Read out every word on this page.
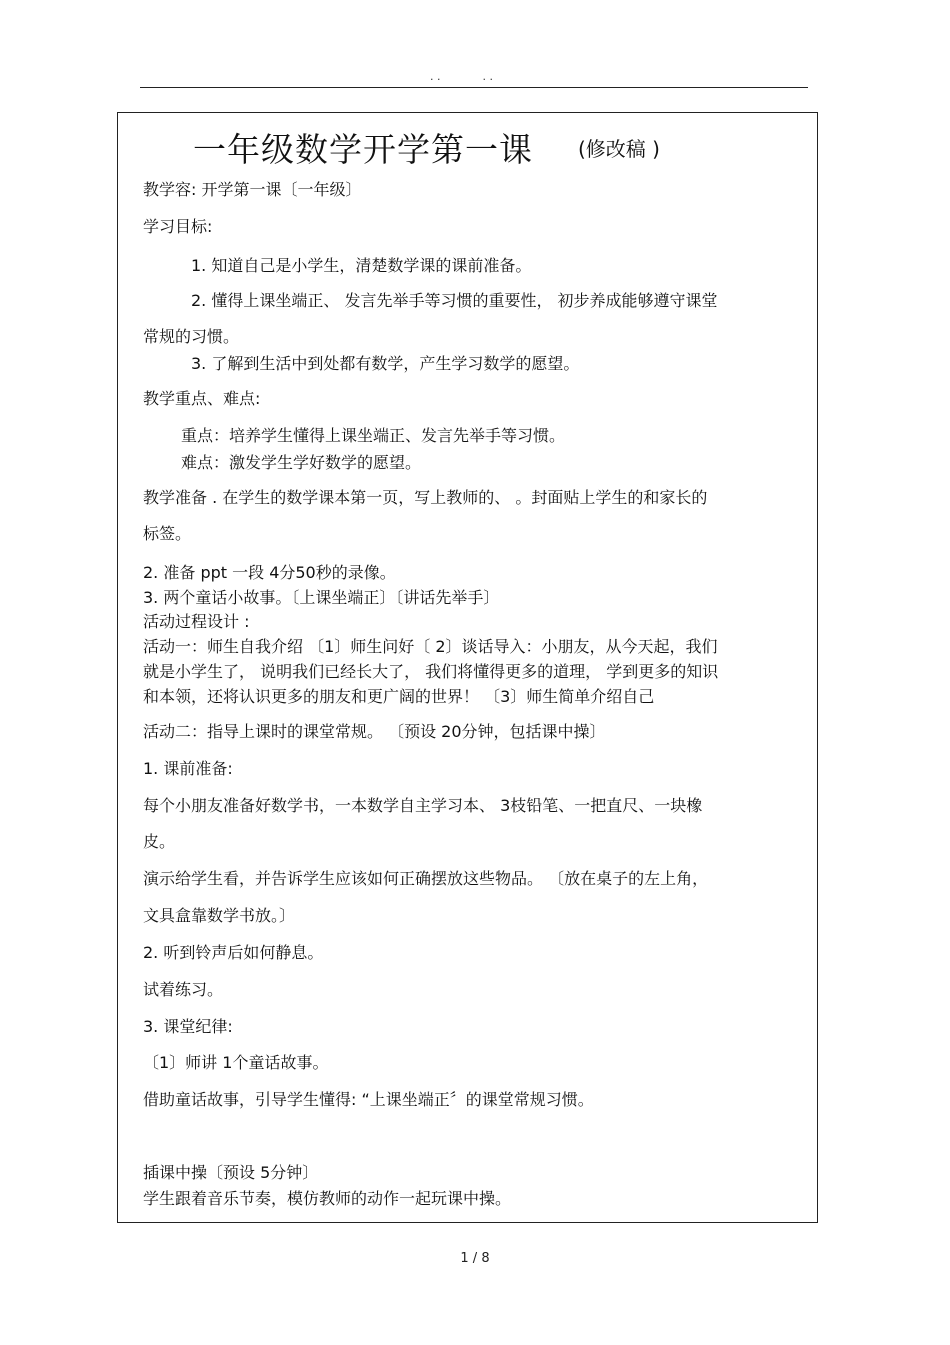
. .            . .
一年级数学开学第一课 (修改稿 )
教学容: 开学第一课〔一年级〕
学习目标:
1. 知道自己是小学生，清楚数学课的课前准备。
2. 懂得上课坐端正、 发言先举手等习惯的重要性， 初步养成能够遵守课堂
常规的习惯。
3. 了解到生活中到处都有数学，产生学习数学的愿望。
教学重点、难点:
重点：培养学生懂得上课坐端正、发言先举手等习惯。
难点：激发学生学好数学的愿望。
教学准备 . 在学生的数学课本第一页，写上教师的、 。封面贴上学生的和家长的
标签。
2. 准备 ppt 一段 4分50秒的录像。
3. 两个童话小故事。〔上课坐端正〕〔讲话先举手〕
活动过程设计 :
活动一：师生自我介绍 〔1〕师生问好〔 2〕谈话导入：小朋友，从今天起，我们
就是小学生了， 说明我们已经长大了， 我们将懂得更多的道理， 学到更多的知识
和本领，还将认识更多的朋友和更广阔的世界！ 〔3〕师生简单介绍自己
活动二：指导上课时的课堂常规。 〔预设 20分钟，包括课中操〕
1. 课前准备:
每个小朋友准备好数学书，一本数学自主学习本、 3枝铅笔、一把直尺、一块橡
皮。
演示给学生看，并告诉学生应该如何正确摆放这些物品。 〔放在桌子的左上角，
文具盒靠数学书放。〕
2. 听到铃声后如何静息。
试着练习。
3. 课堂纪律:
〔1〕师讲 1个童话故事。
借助童话故事，引导学生懂得: “上课坐端正〞的课堂常规习惯。
插课中操〔预设 5分钟〕
学生跟着音乐节奏，模仿教师的动作一起玩课中操。
1 / 8
